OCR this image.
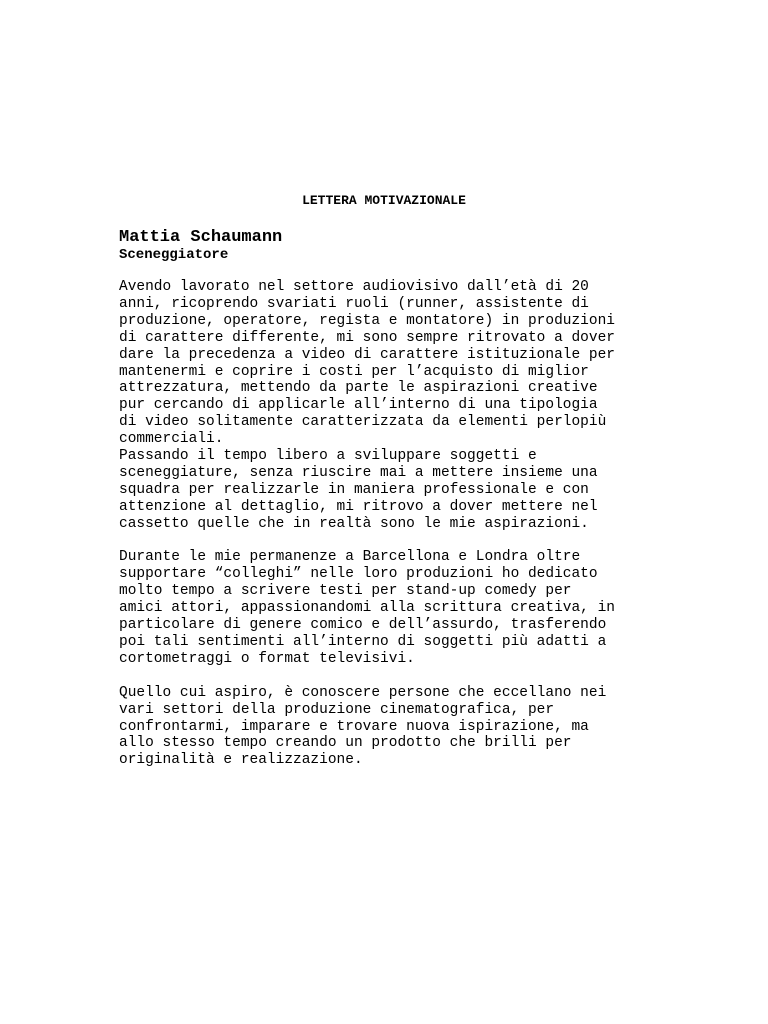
LETTERA MOTIVAZIONALE
Mattia Schaumann
Sceneggiatore
Avendo lavorato nel settore audiovisivo dall’età di 20
anni, ricoprendo svariati ruoli (runner, assistente di
produzione, operatore, regista e montatore) in produzioni
di carattere differente, mi sono sempre ritrovato a dover
dare la precedenza a video di carattere istituzionale per
mantenermi e coprire i costi per l’acquisto di miglior
attrezzatura, mettendo da parte le aspirazioni creative
pur cercando di applicarle all’interno di una tipologia
di video solitamente caratterizzata da elementi perlopiù
commerciali.
Passando il tempo libero a sviluppare soggetti e
sceneggiature, senza riuscire mai a mettere insieme una
squadra per realizzarle in maniera professionale e con
attenzione al dettaglio, mi ritrovo a dover mettere nel
cassetto quelle che in realtà sono le mie aspirazioni.
Durante le mie permanenze a Barcellona e Londra oltre
supportare “colleghi” nelle loro produzioni ho dedicato
molto tempo a scrivere testi per stand-up comedy per
amici attori, appassionandomi alla scrittura creativa, in
particolare di genere comico e dell’assurdo, trasferendo
poi tali sentimenti all’interno di soggetti più adatti a
cortometraggi o format televisivi.
Quello cui aspiro, è conoscere persone che eccellano nei
vari settori della produzione cinematografica, per
confrontarmi, imparare e trovare nuova ispirazione, ma
allo stesso tempo creando un prodotto che brilli per
originalità e realizzazione.
